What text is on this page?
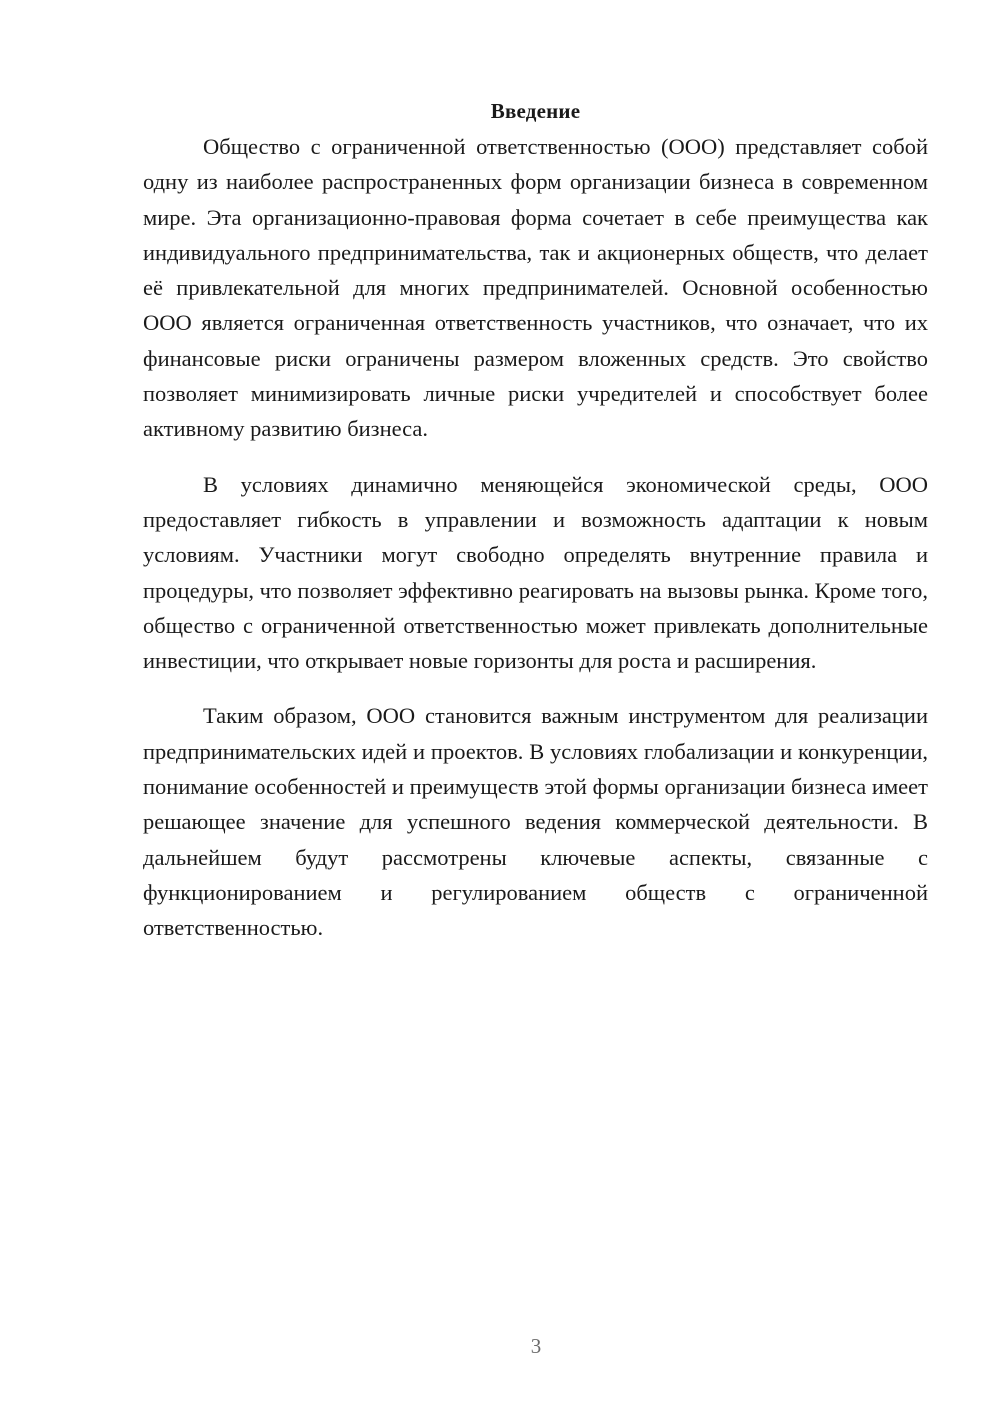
Введение

Общество с ограниченной ответственностью (ООО) представляет собой одну из наиболее распространенных форм организации бизнеса в современном мире. Эта организационно-правовая форма сочетает в себе преимущества как индивидуального предпринимательства, так и акционерных обществ, что делает её привлекательной для многих предпринимателей. Основной особенностью ООО является ограниченная ответственность участников, что означает, что их финансовые риски ограничены размером вложенных средств. Это свойство позволяет минимизировать личные риски учредителей и способствует более активному развитию бизнеса.

В условиях динамично меняющейся экономической среды, ООО предоставляет гибкость в управлении и возможность адаптации к новым условиям. Участники могут свободно определять внутренние правила и процедуры, что позволяет эффективно реагировать на вызовы рынка. Кроме того, общество с ограниченной ответственностью может привлекать дополнительные инвестиции, что открывает новые горизонты для роста и расширения.

Таким образом, ООО становится важным инструментом для реализации предпринимательских идей и проектов. В условиях глобализации и конкуренции, понимание особенностей и преимуществ этой формы организации бизнеса имеет решающее значение для успешного ведения коммерческой деятельности. В дальнейшем будут рассмотрены ключевые аспекты, связанные с функционированием и регулированием обществ с ограниченной ответственностью.

3
